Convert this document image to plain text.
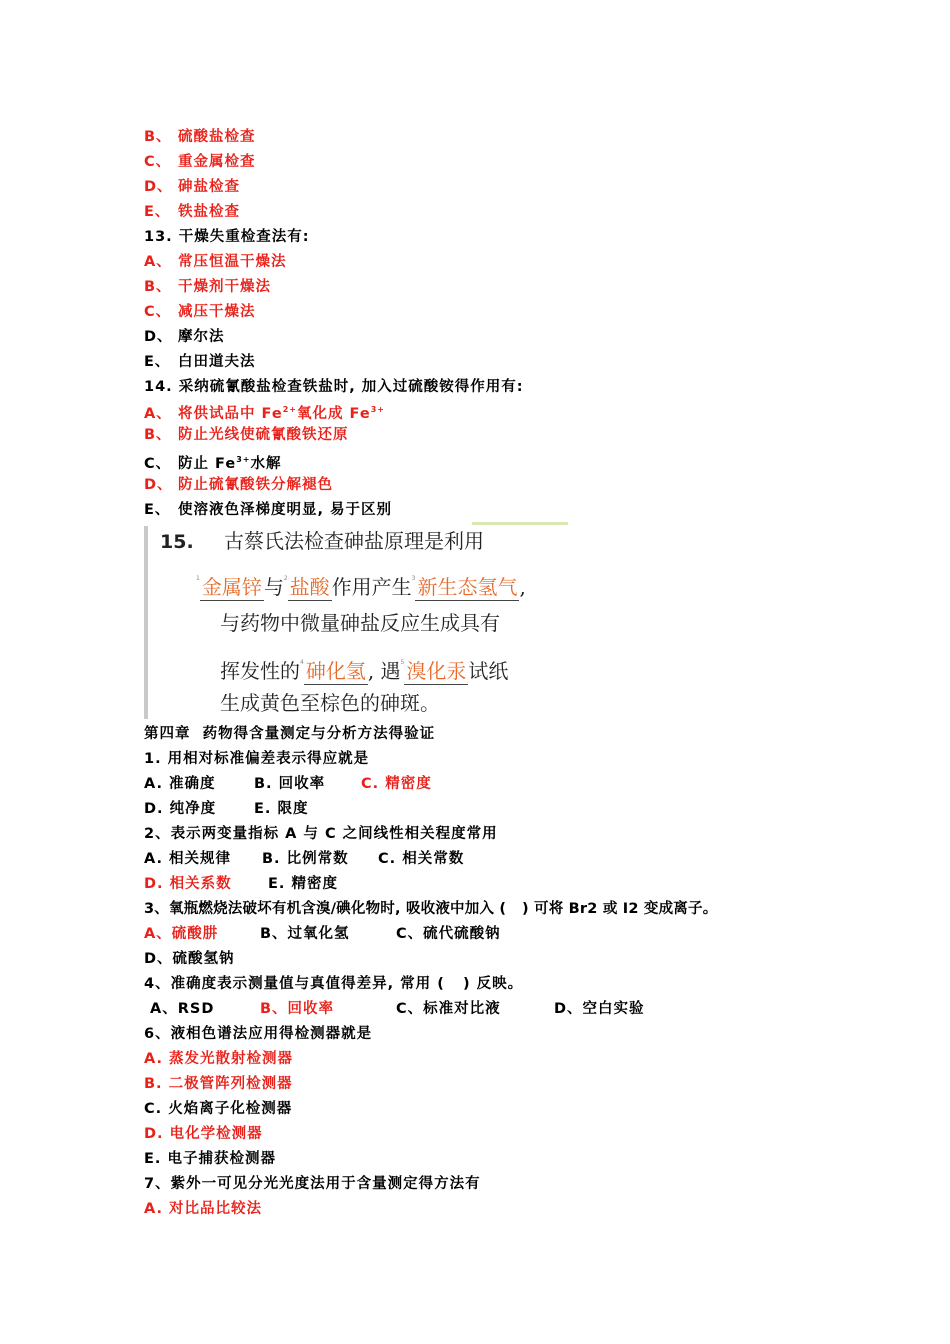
B、 硫酸盐检查
C、 重金属检查
D、 砷盐检查
E、 铁盐检查
13. 干燥失重检查法有:
A、 常压恒温干燥法
B、 干燥剂干燥法
C、 减压干燥法
D、 摩尔法
E、 白田道夫法
14. 采纳硫氰酸盐检查铁盐时, 加入过硫酸铵得作用有:
A、 将供试品中 $Fe^{2+}$氧化成 $Fe^{3+}$
B、 防止光线使硫氰酸铁还原
C、 防止 $Fe^{3+}$水解
D、 防止硫氰酸铁分解褪色
E、 使溶液色泽梯度明显, 易于区别
15. 古蔡氏法检查砷盐原理是利用
$^1$ 金属锌 与$^2$ 盐酸 作用产生$^3$ 新生态氢气 ,
与药物中微量砷盐反应生成具有
挥发性的$^4$ 砷化氢 , 遇$^5$ 溴化汞 试纸
生成黄色至棕色的砷斑。
第四章  药物得含量测定与分析方法得验证
1. 用相对标准偏差表示得应就是
A. 准确度	B. 回收率 C. 精密度
D. 纯净度	E. 限度
2、表示两变量指标 A 与 C 之间线性相关程度常用
A. 相关规律 B. 比例常数 C. 相关常数
D. 相关系数	E. 精密度
3、氧瓶燃烧法破坏有机含溴/碘化物时, 吸收液中加入 (   ) 可将 Br2 或 I2 变成离子。
A、硫酸肼	B、过氧化氢	C、硫代硫酸钠
D、硫酸氢钠
4、准确度表示测量值与真值得差异, 常用 (   ) 反映。
A、RSD	B、回收率	C、标准对比液	D、空白实验
6、液相色谱法应用得检测器就是
A. 蒸发光散射检测器
B. 二极管阵列检测器
C. 火焰离子化检测器
D. 电化学检测器
E. 电子捕获检测器
7、紫外一可见分光光度法用于含量测定得方法有
A. 对比品比较法
